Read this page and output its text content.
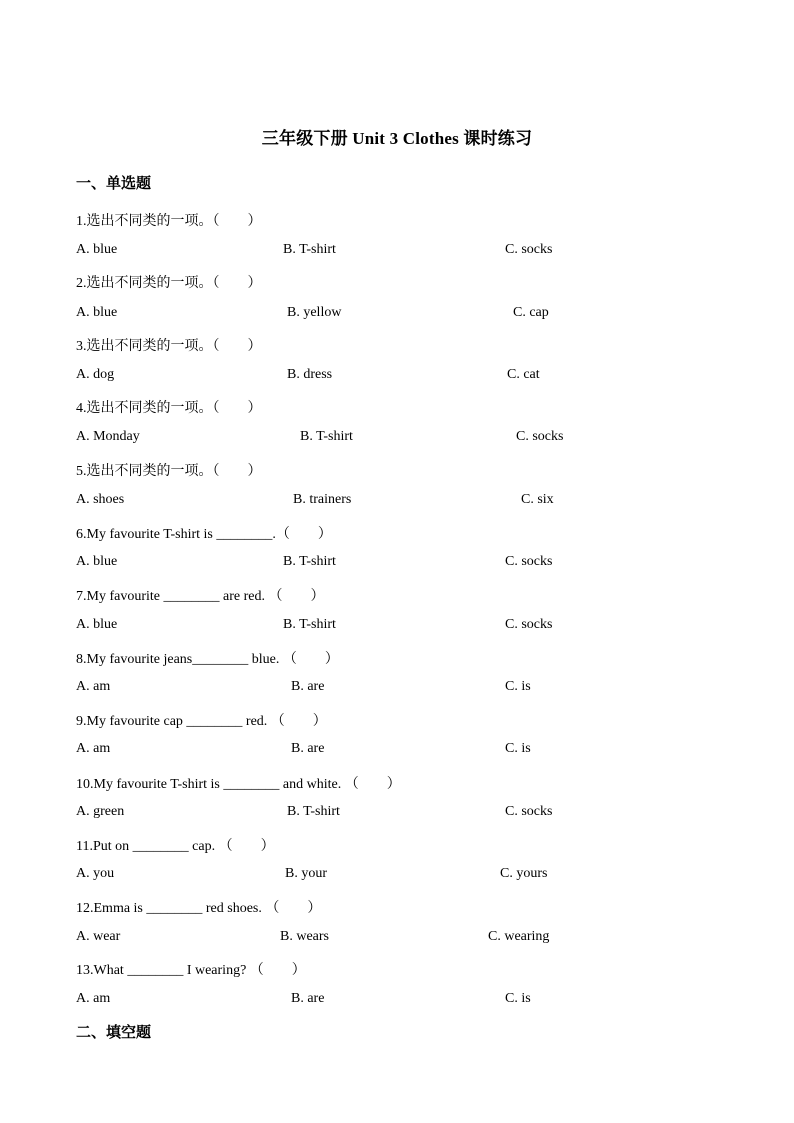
三年级下册 Unit 3 Clothes 课时练习
一、单选题
1.选出不同类的一项。（　　）
A. blue	B. T-shirt	C. socks
2.选出不同类的一项。（　　）
A. blue	B. yellow	C. cap
3.选出不同类的一项。（　　）
A. dog	B. dress	C. cat
4.选出不同类的一项。（　　）
A. Monday	B. T-shirt	C. socks
5.选出不同类的一项。（　　）
A. shoes	B. trainers	C. six
6.My favourite T-shirt is ________.（　　）
A. blue	B. T-shirt	C. socks
7.My favourite ________ are red. （　　）
A. blue	B. T-shirt	C. socks
8.My favourite jeans________ blue. （　　）
A. am	B. are	C. is
9.My favourite cap ________ red. （　　）
A. am	B. are	C. is
10.My favourite T-shirt is ________ and white. （　　）
A. green	B. T-shirt	C. socks
11.Put on ________ cap. （　　）
A. you	B. your	C. yours
12.Emma is ________ red shoes. （　　）
A. wear	B. wears	C. wearing
13.What ________ I wearing? （　　）
A. am	B. are	C. is
二、填空题
